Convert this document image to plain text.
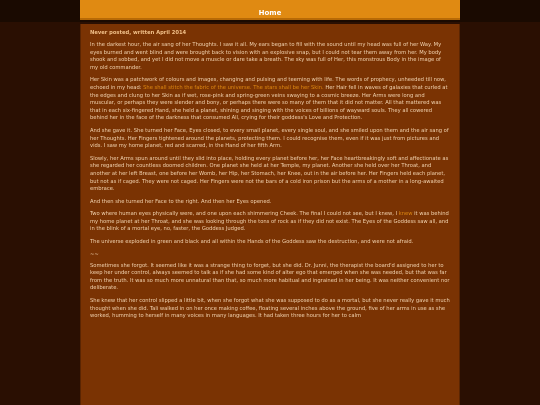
Home
Never posted, written April 2014

In the darkest hour, the air sang of her Thoughts. I saw it all. My ears began to fill with the sound until my head was full of her Way. My eyes burned and went blind and were brought back to vision with an explosive snap, but I could not tear them away from her. My body shook and sobbed, and yet I did not move a muscle or dare take a breath. The sky was full of Her, this monstrous Body in the image of my old commander.

Her Skin was a patchwork of colours and images, changing and pulsing and teeming with life. The words of prophecy, unheeded till now, echoed in my head: She shall stitch the fabric of the universe. The stars shall be her Skin. Her Hair fell in waves of galaxies that curled at the edges and clung to her Skin as if wet, rose-pink and spring-green veins swaying to a cosmic breeze. Her Arms were long and muscular, or perhaps they were slender and bony, or perhaps there were so many of them that it did not matter. All that mattered was that in each six-fingered Hand, she held a planet, shining and singing with the voices of billions of wayward souls. They all cowered behind her in the face of the darkness that consumed All, crying for their goddess's Love and Protection.

And she gave it. She turned her Face, Eyes closed, to every small planet, every single soul, and she smiled upon them and the air sang of her Thoughts. Her Fingers tightened around the planets, protecting them. I could recognise them, even if it was just from pictures and vids. I saw my home planet, red and scarred, in the Hand of her fifth Arm.

Slowly, her Arms spun around until they slid into place, holding every planet before her, her Face heartbreakingly soft and affectionate as she regarded her countless doomed children. One planet she held at her Temple, my planet. Another she held over her Throat, and another at her left Breast, one before her Womb, her Hip, her Stomach, her Knee, out in the air before her. Her Fingers held each planet, but not as if caged. They were not caged. Her Fingers were not the bars of a cold iron prison but the arms of a mother in a long-awaited embrace.

And then she turned her Face to the right. And then her Eyes opened.

Two where human eyes physically were, and one upon each shimmering Cheek. The final I could not see, but I knew, I knew it was behind my home planet at her Throat, and she was looking through the tons of rock as if they did not exist. The Eyes of the Goddess saw all, and in the blink of a mortal eye, no, faster, the Goddess Judged.

The universe exploded in green and black and all within the Hands of the Goddess saw the destruction, and were not afraid.

~~

Sometimes she forgot. It seemed like it was a strange thing to forget, but she did. Dr. Junni, the therapist the board'd assigned to her to keep her under control, always seemed to talk as if she had some kind of alter ego that emerged when she was needed, but that was far from the truth. It was so much more unnatural than that, so much more habitual and ingrained in her being. It was neither convenient nor deliberate.

She knew that her control slipped a little bit, when she forgot what she was supposed to do as a mortal, but she never really gave it much thought when she did. Tali walked in on her once making coffee, floating several inches above the ground, five of her arms in use as she worked, humming to herself in many voices in many languages. It had taken three hours for her to calm
